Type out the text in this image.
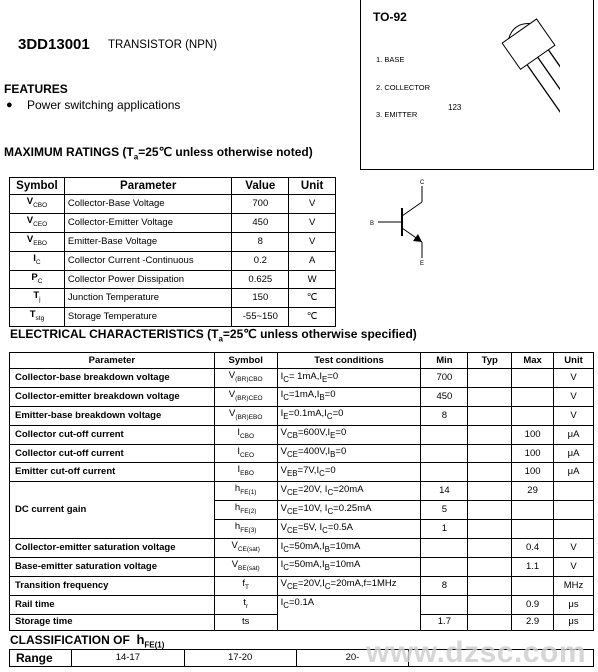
3DD13001 TRANSISTOR (NPN)
TO-92
1. BASE
2. COLLECTOR
3. EMITTER
123
FEATURES
● Power switching applications
MAXIMUM RATINGS ($T_a=25℃$ unless otherwise noted)
Symbol	Parameter	Value	Unit
$V_{CBO}$	Collector-Base Voltage	700	V
$V_{CEO}$	Collector-Emitter Voltage	450	V
$V_{EBO}$	Emitter-Base Voltage	8	V
$I_C$	Collector Current -Continuous	0.2	A
$P_C$	Collector Power Dissipation	0.625	W
$T_j$	Junction Temperature	150	℃
$T_{stg}$	Storage Temperature	-55~150	℃
B
C
E
ELECTRICAL CHARACTERISTICS ($T_a=25℃$ unless otherwise specified)
Parameter	Symbol	Test conditions	Min	Typ	Max	Unit
Collector-base breakdown voltage	$V_{(BR)CBO}$	$I_C= 1mA,I_E=0$	700			V
Collector-emitter breakdown voltage	$V_{(BR)CEO}$	$I_C=1mA,I_B=0$	450			V
Emitter-base breakdown voltage	$V_{(BR)EBO}$	$I_E=0.1mA,I_C=0$	8			V
Collector cut-off current	$I_{CBO}$	$V_{CB}=600V,I_E=0$			100	μA
Collector cut-off current	$I_{CEO}$	$V_{CE}=400V,I_B=0$			100	μA
Emitter cut-off current	$I_{EBO}$	$V_{EB}=7V,I_C=0$			100	μA
DC current gain	$h_{FE(1)}$	$V_{CE}=20V$, $I_C=20mA$	14		29	
	$h_{FE(2)}$	$V_{CE}=10V$, $I_C=0.25mA$	5			
	$h_{FE(3)}$	$V_{CE}=5V$, $I_C=0.5A$	1			
Collector-emitter saturation voltage	$V_{CE(sat)}$	$I_C=50mA,I_B=10mA$			0.4	V
Base-emitter saturation voltage	$V_{BE(sat)}$	$I_C=50mA,I_B=10mA$			1.1	V
Transition frequency	$f_T$	$V_{CE}=20V,I_C=20mA,f=1MHz$	8			MHz
Rail time	$t_r$	$I_C=0.1A$			0.9	μs
Storage time	ts		1.7		2.9	μs
CLASSIFICATION OF $h_{FE(1)}$
Range	14-17	17-20	20-	www.dzsc.com
